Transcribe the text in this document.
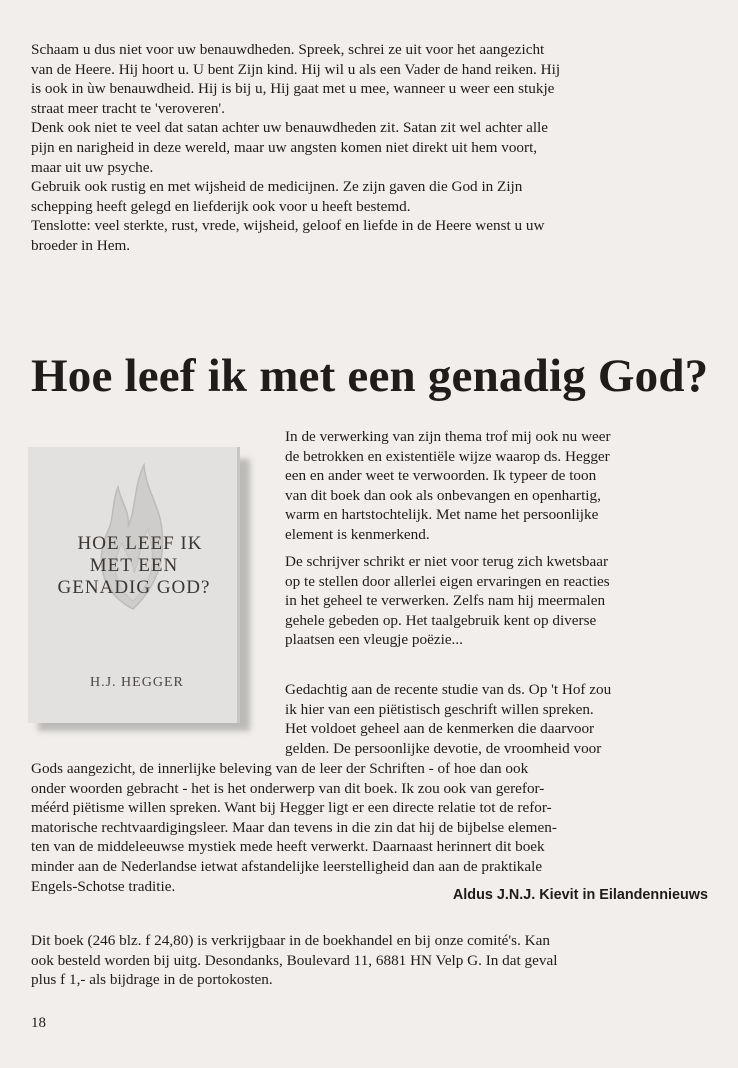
Schaam u dus niet voor uw benauwdheden. Spreek, schrei ze uit voor het aangezicht
van de Heere. Hij hoort u. U bent Zijn kind. Hij wil u als een Vader de hand reiken. Hij
is ook in ùw benauwdheid. Hij is bij u, Hij gaat met u mee, wanneer u weer een stukje
straat meer tracht te 'veroveren'.
Denk ook niet te veel dat satan achter uw benauwdheden zit. Satan zit wel achter alle
pijn en narigheid in deze wereld, maar uw angsten komen niet direkt uit hem voort,
maar uit uw psyche.
Gebruik ook rustig en met wijsheid de medicijnen. Ze zijn gaven die God in Zijn
schepping heeft gelegd en liefderijk ook voor u heeft bestemd.
Tenslotte: veel sterkte, rust, vrede, wijsheid, geloof en liefde in de Heere wenst u uw
broeder in Hem.
Hoe leef ik met een genadig God?
HOE LEEF IK
MET EEN
GENADIG GOD?
H.J. HEGGER
In de verwerking van zijn thema trof mij ook nu weer
de betrokken en existentiële wijze waarop ds. Hegger
een en ander weet te verwoorden. Ik typeer de toon
van dit boek dan ook als onbevangen en openhartig,
warm en hartstochtelijk. Met name het persoonlijke
element is kenmerkend.
De schrijver schrikt er niet voor terug zich kwetsbaar
op te stellen door allerlei eigen ervaringen en reacties
in het geheel te verwerken. Zelfs nam hij meermalen
gehele gebeden op. Het taalgebruik kent op diverse
plaatsen een vleugje poëzie...
Gedachtig aan de recente studie van ds. Op 't Hof zou
ik hier van een piëtistisch geschrift willen spreken.
Het voldoet geheel aan de kenmerken die daarvoor
gelden. De persoonlijke devotie, de vroomheid voor
Gods aangezicht, de innerlijke beleving van de leer der Schriften - of hoe dan ook
onder woorden gebracht - het is het onderwerp van dit boek. Ik zou ook van gerefor-
méérd piëtisme willen spreken. Want bij Hegger ligt er een directe relatie tot de refor-
matorische rechtvaardigingsleer. Maar dan tevens in die zin dat hij de bijbelse elemen-
ten van de middeleeuwse mystiek mede heeft verwerkt. Daarnaast herinnert dit boek
minder aan de Nederlandse ietwat afstandelijke leerstelligheid dan aan de praktikale
Engels-Schotse traditie.
Aldus J.N.J. Kievit in Eilandennieuws
Dit boek (246 blz. f 24,80) is verkrijgbaar in de boekhandel en bij onze comité's. Kan
ook besteld worden bij uitg. Desondanks, Boulevard 11, 6881 HN Velp G. In dat geval
plus f 1,- als bijdrage in de portokosten.
18
